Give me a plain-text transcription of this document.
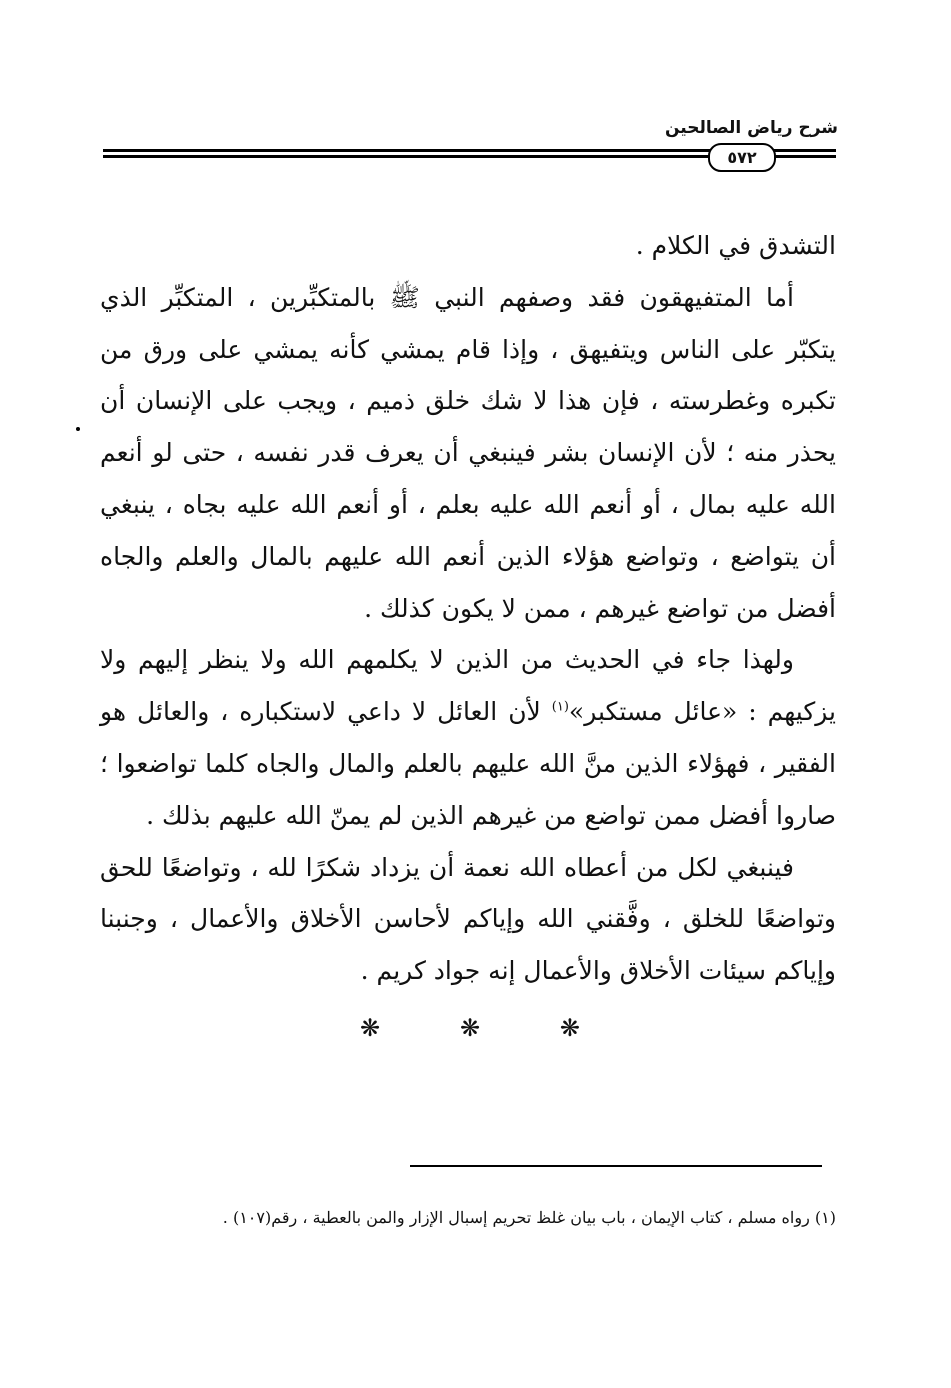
شرح رياض الصالحين
٥٧٢

التشدق في الكلام .

أما المتفيهقون فقد وصفهم النبي ﷺ بالمتكبِّرين ، المتكبِّر الذي يتكبّر على الناس ويتفيهق ، وإذا قام يمشي كأنه يمشي على ورق من تكبره وغطرسته ، فإن هذا لا شك خلق ذميم ، ويجب على الإنسان أن يحذر منه ؛ لأن الإنسان بشر فينبغي أن يعرف قدر نفسه ، حتى لو أنعم الله عليه بمال ، أو أنعم الله عليه بعلم ، أو أنعم الله عليه بجاه ، ينبغي أن يتواضع ، وتواضع هؤلاء الذين أنعم الله عليهم بالمال والعلم والجاه أفضل من تواضع غيرهم ، ممن لا يكون كذلك .

ولهذا جاء في الحديث من الذين لا يكلمهم الله ولا ينظر إليهم ولا يزكيهم : «عائل مستكبر»$^{(١)}$ لأن العائل لا داعي لاستكباره ، والعائل هو الفقير ، فهؤلاء الذين منَّ الله عليهم بالعلم والمال والجاه كلما تواضعوا ؛ صاروا أفضل ممن تواضع من غيرهم الذين لم يمنّ الله عليهم بذلك .

فينبغي لكل من أعطاه الله نعمة أن يزداد شكرًا لله ، وتواضعًا للحق وتواضعًا للخلق ، وفَّقني الله وإياكم لأحاسن الأخلاق والأعمال ، وجنبنا وإياكم سيئات الأخلاق والأعمال إنه جواد كريم .

❋	❋	❋
(١) رواه مسلم ، كتاب الإيمان ، باب بيان غلظ تحريم إسبال الإزار والمن بالعطية ، رقم(١٠٧) .
